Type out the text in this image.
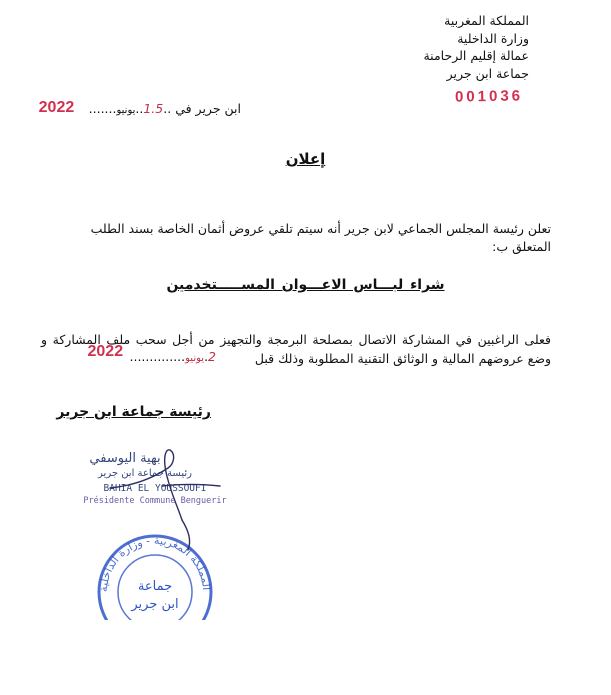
المملكة المغربية
وزارة الداخلية
عمالة إقليم الرحامنة
جماعة ابن جرير
001036
ابن جرير في ..1.5..يونيو.......
2022
إعلان
تعلن رئيسة المجلس الجماعي لابن جرير أنه سيتم تلقي عروض أثمان الخاصة بسند الطلب المتعلق ب:
شراء لبـــاس الاعـــوان المســـــتخدمين
فعلى الراغبين في المشاركة الاتصال بمصلحة البرمجة والتجهيز من أجل سحب ملف المشاركة و وضع عروضهم المالية و الوثائق التقنية المطلوبة وذلك قبل
2.يونيو..............
2022
رئيسة جماعة ابن جرير
المملكة المغربية - وزارة الداخلية
جماعة
ابن جرير
بهية اليوسفي
رئيسة جماعة ابن جرير
BAHIA EL YOUSSOUFI
Présidente Commune Benguerir
